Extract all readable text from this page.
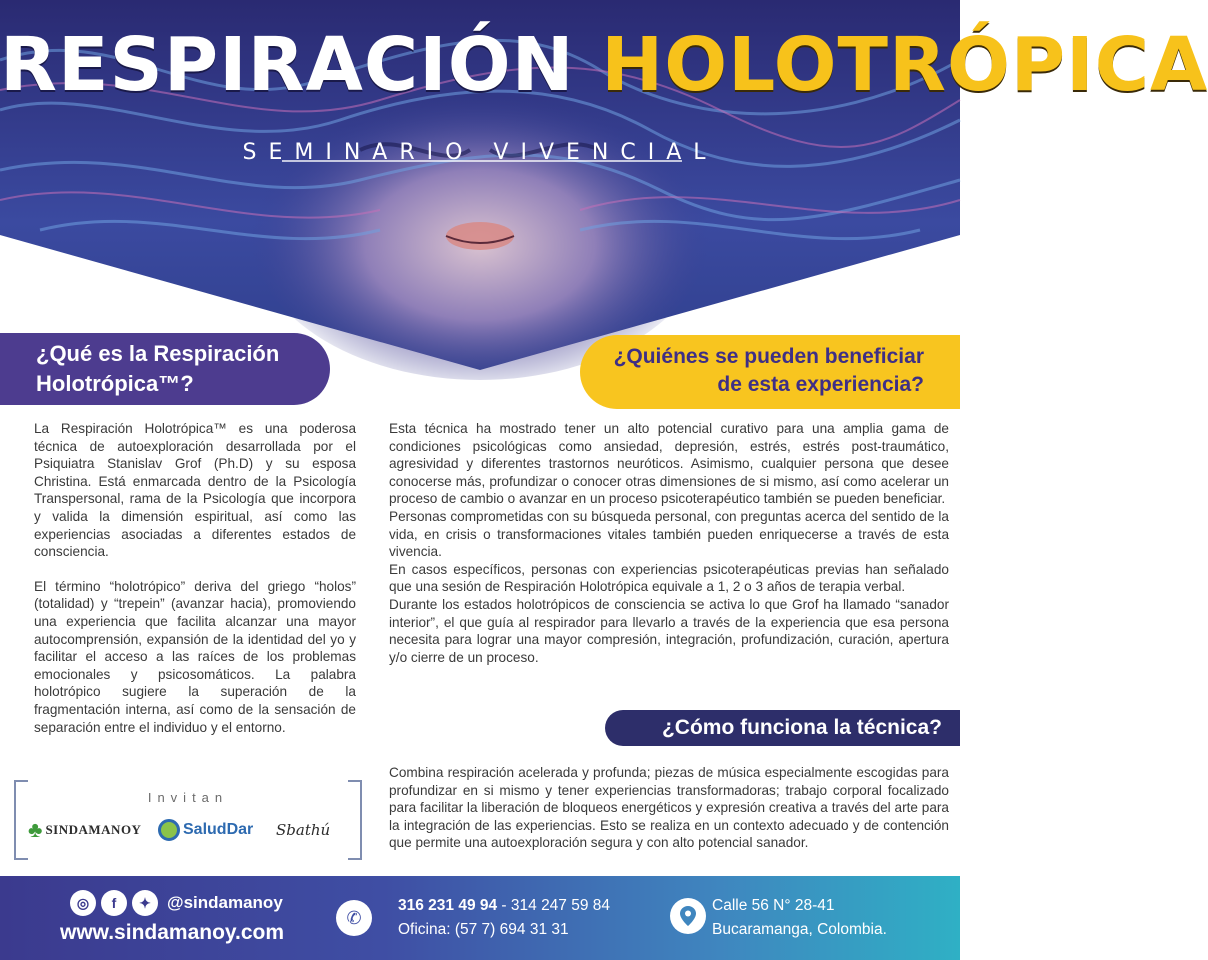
RESPIRACIÓN HOLOTRÓPICA
SEMINARIO VIVENCIAL
¿Qué es la Respiración Holotrópica™?
¿Quiénes se pueden beneficiar de esta experiencia?

La Respiración Holotrópica™ es una poderosa técnica de autoexploración desarrollada por el Psiquiatra Stanislav Grof (Ph.D) y su esposa Christina. Está enmarcada dentro de la Psicología Transpersonal, rama de la Psicología que incorpora y valida la dimensión espiritual, así como las experiencias asociadas a diferentes estados de consciencia.

El término “holotrópico” deriva del griego “holos” (totalidad) y “trepein” (avanzar hacia), promoviendo una experiencia que facilita alcanzar una mayor autocomprensión, expansión de la identidad del yo y facilitar el acceso a las raíces de los problemas emocionales y psicosomáticos. La palabra holotrópico sugiere la superación de la fragmentación interna, así como de la sensación de separación entre el individuo y el entorno.

Esta técnica ha mostrado tener un alto potencial curativo para una amplia gama de condiciones psicológicas como ansiedad, depresión, estrés, estrés post-traumático, agresividad y diferentes trastornos neuróticos. Asimismo, cualquier persona que desee conocerse más, profundizar o conocer otras dimensiones de si mismo, así como acelerar un proceso de cambio o avanzar en un proceso psicoterapéutico también se pueden beneficiar.
Personas comprometidas con su búsqueda personal, con preguntas acerca del sentido de la vida, en crisis o transformaciones vitales también pueden enriquecerse a través de esta vivencia.
En casos específicos, personas con experiencias psicoterapéuticas previas han señalado que una sesión de Respiración Holotrópica equivale a 1, 2 o 3 años de terapia verbal.
Durante los estados holotrópicos de consciencia se activa lo que Grof ha llamado “sanador interior”, el que guía al respirador para llevarlo a través de la experiencia que esa persona necesita para lograr una mayor compresión, integración, profundización, curación, apertura y/o cierre de un proceso.
¿Cómo funciona la técnica?
Combina respiración acelerada y profunda; piezas de música especialmente escogidas para profundizar en si mismo y tener experiencias transformadoras; trabajo corporal focalizado para facilitar la liberación de bloqueos energéticos y expresión creativa a través del arte para la integración de las experiencias. Esto se realiza en un contexto adecuado y de contención que permite una autoexploración segura y con alto potencial sanador.
Invitan
♣ SINDAMANOY	SaludDar Sbathú
◎	f	✦ @sindamanoy
www.sindamanoy.com
✆
316 231 49 94 - 314 247 59 84
Oficina: (57 7) 694 31 31
Calle 56 N° 28-41
Bucaramanga, Colombia.
